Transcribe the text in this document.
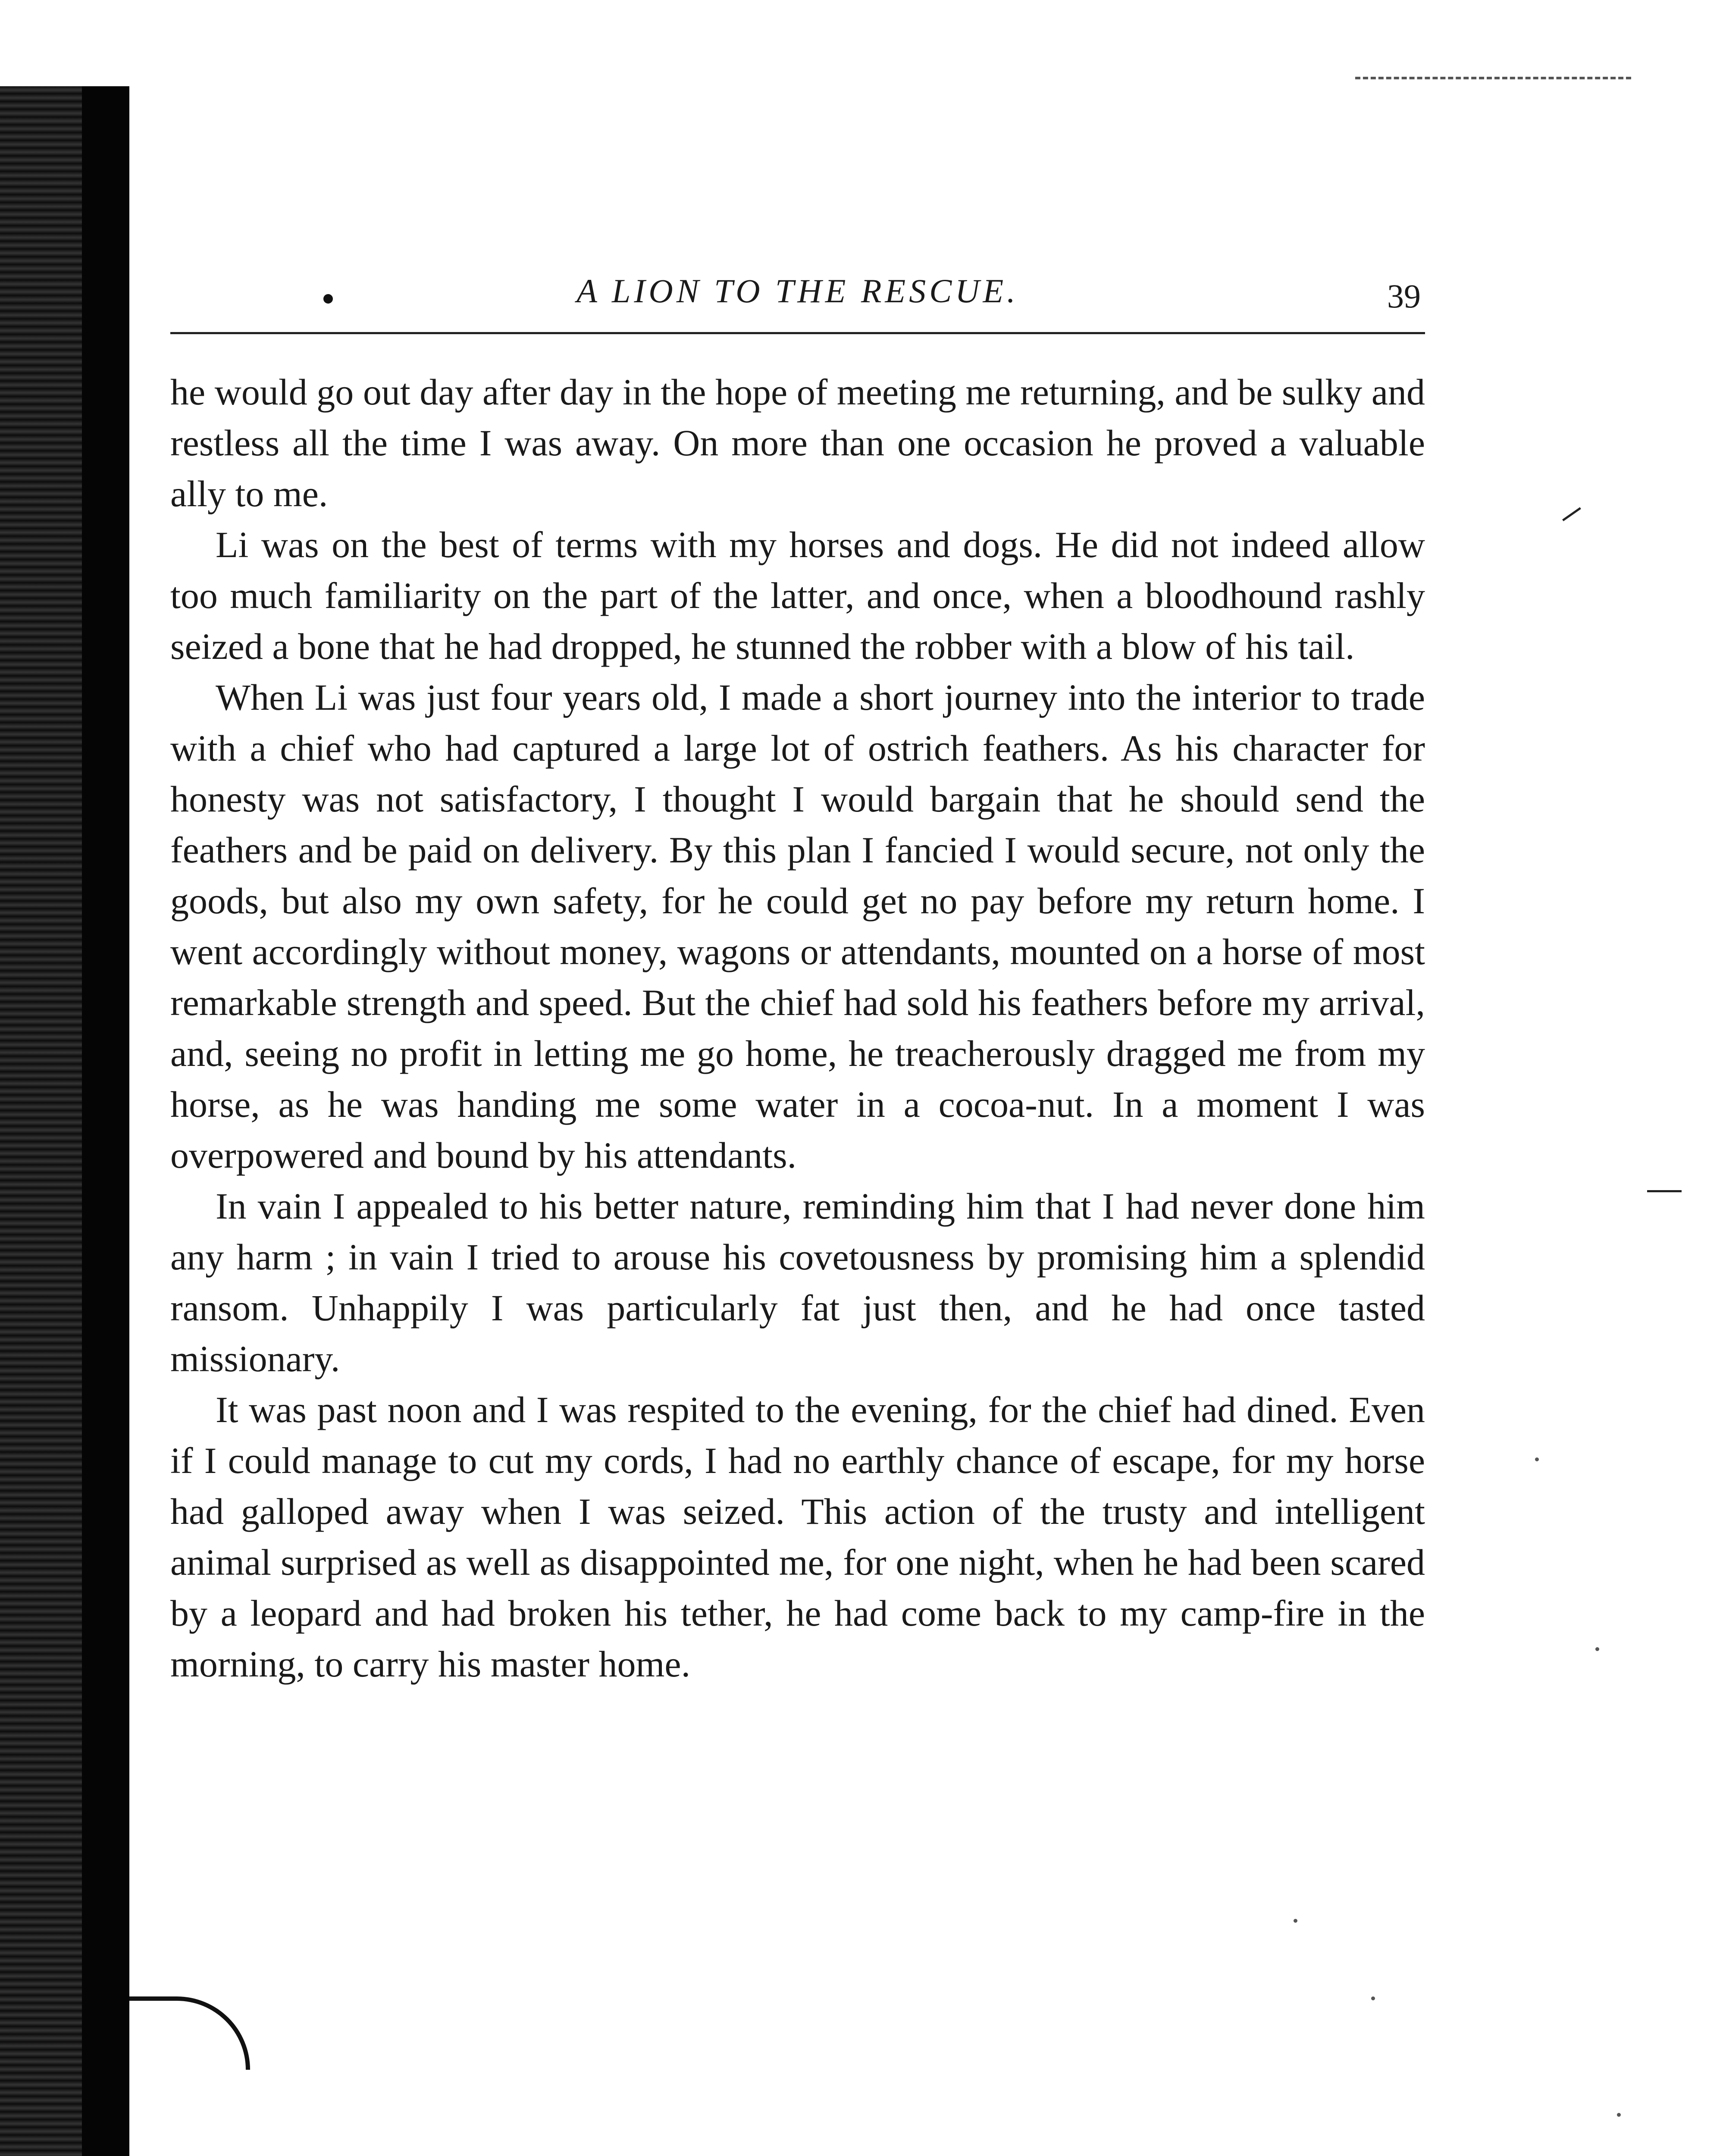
A LION TO THE RESCUE.	39

he would go out day after day in the hope of meeting me returning, and be sulky and restless all the time I was away. On more than one occasion he proved a valuable ally to me.

Li was on the best of terms with my horses and dogs. He did not indeed allow too much familiarity on the part of the latter, and once, when a bloodhound rashly seized a bone that he had dropped, he stunned the robber with a blow of his tail.

When Li was just four years old, I made a short journey into the interior to trade with a chief who had captured a large lot of ostrich feathers. As his character for honesty was not satisfactory, I thought I would bargain that he should send the feathers and be paid on delivery. By this plan I fancied I would secure, not only the goods, but also my own safety, for he could get no pay before my return home. I went accordingly without money, wagons or attendants, mounted on a horse of most remarkable strength and speed. But the chief had sold his feathers before my arrival, and, seeing no profit in letting me go home, he treacherously dragged me from my horse, as he was handing me some water in a cocoa-nut. In a moment I was overpowered and bound by his attendants.

In vain I appealed to his better nature, reminding him that I had never done him any harm ; in vain I tried to arouse his covetousness by promising him a splendid ransom. Unhappily I was particularly fat just then, and he had once tasted missionary.

It was past noon and I was respited to the evening, for the chief had dined. Even if I could manage to cut my cords, I had no earthly chance of escape, for my horse had galloped away when I was seized. This action of the trusty and intelligent animal surprised as well as disappointed me, for one night, when he had been scared by a leopard and had broken his tether, he had come back to my camp-fire in the morning, to carry his master home.
